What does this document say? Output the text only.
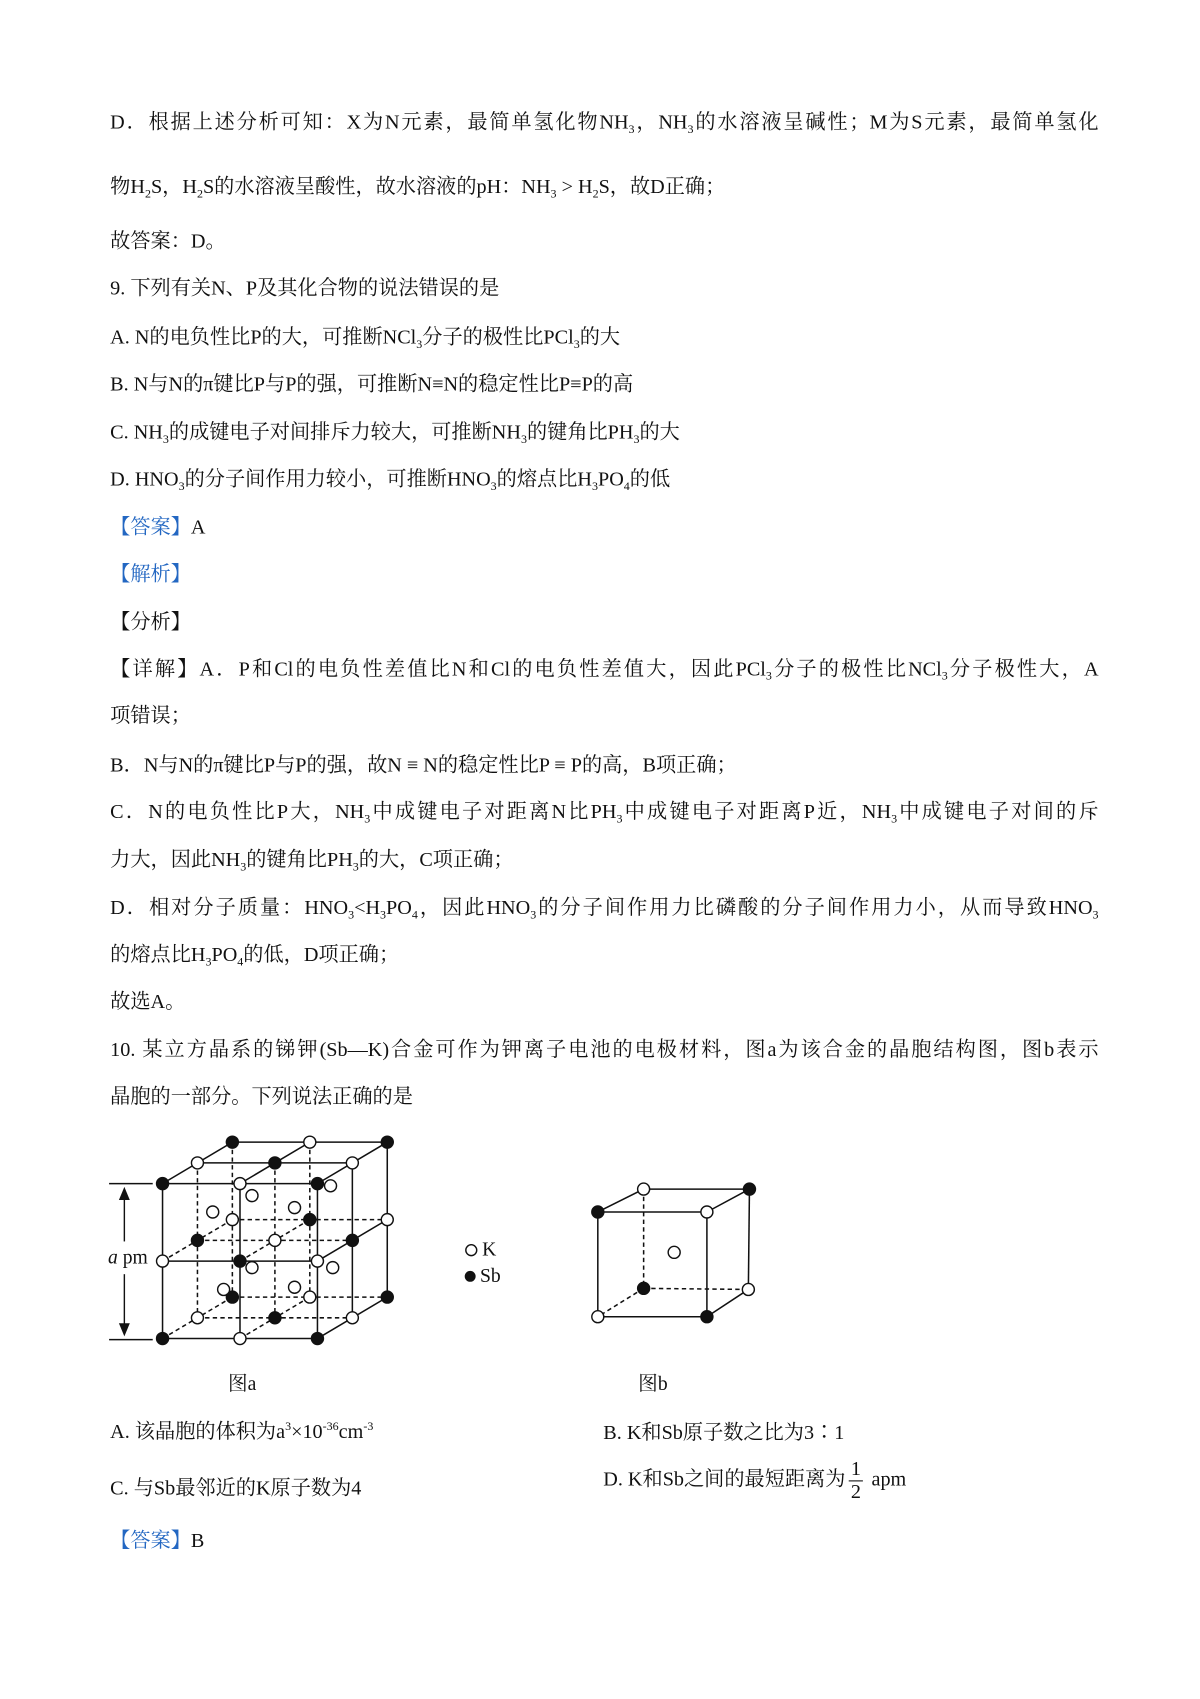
D．根据上述分析可知：X为N元素，最简单氢化物$NH_3$，$NH_3$的水溶液呈碱性；M为S元素，最简单氢化
物$H_2S$，$H_2S$的水溶液呈酸性，故水溶液的pH：$NH_3 > H_2S$，故D正确；
故答案：D。
9. 下列有关N、P及其化合物的说法错误的是
A. N的电负性比P的大，可推断NCl$_3$分子的极性比PCl$_3$的大
B. N与N的π键比P与P的强，可推断N≡N的稳定性比P≡P的高
C. $NH_3$的成键电子对间排斥力较大，可推断$NH_3$的键角比$PH_3$的大
D. $HNO_3$的分子间作用力较小，可推断$HNO_3$的熔点比$H_3PO_4$的低
【答案】A
【解析】
【分析】
【详解】A．P和Cl的电负性差值比N和Cl的电负性差值大，因此PCl$_3$分子的极性比NCl$_3$分子极性大，A
项错误；
B．N与N的π键比P与P的强，故N ≡ N的稳定性比P ≡ P的高，B项正确；
C．N的电负性比P大，$NH_3$中成键电子对距离N比$PH_3$中成键电子对距离P近，$NH_3$中成键电子对间的斥
力大，因此$NH_3$的键角比$PH_3$的大，C项正确；
D．相对分子质量：$HNO_3<H_3PO_4$，因此$HNO_3$的分子间作用力比磷酸的分子间作用力小，从而导致$HNO_3$
的熔点比$H_3PO_4$的低，D项正确；
故选A。
10. 某立方晶系的锑钾(Sb—K)合金可作为钾离子电池的电极材料，图a为该合金的晶胞结构图，图b表示
晶胞的一部分。下列说法正确的是
a pm	K
Sb
图a	图b
A. 该晶胞的体积为$a^3\times 10^{-36}cm^{-3}$	B. K和Sb原子数之比为3∶1
C. 与Sb最邻近的K原子数为4	D. K和Sb之间的最短距离为 $\frac{1}{2}$ apm
【答案】B
